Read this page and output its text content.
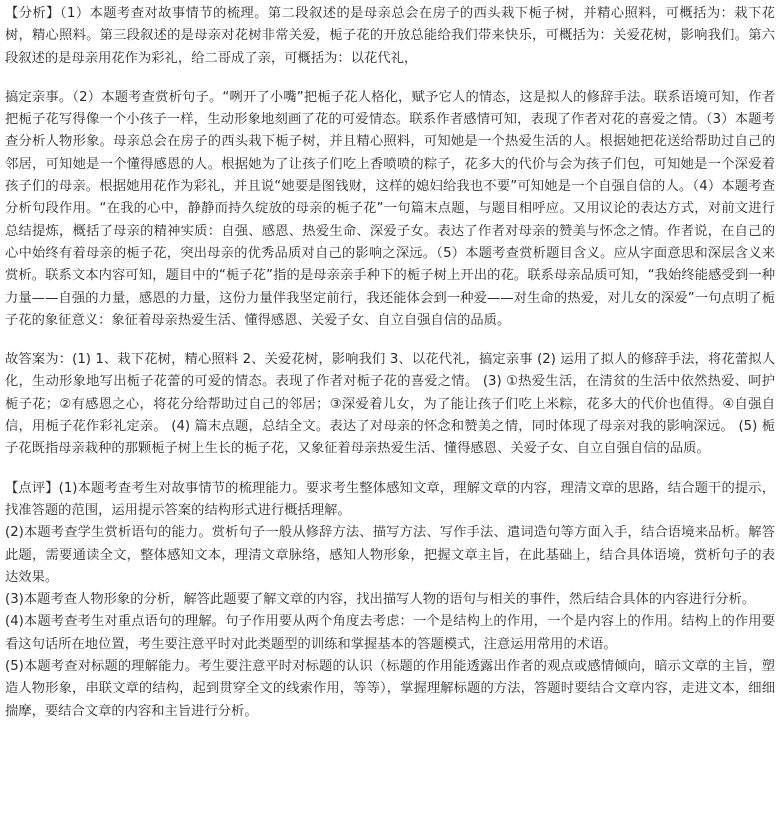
【分析】（1）本题考查对故事情节的梳理。第二段叙述的是母亲总会在房子的西头栽下栀子树，并精心照料，可概括为：栽下花树，精心照料。第三段叙述的是母亲对花树非常关爱，栀子花的开放总能给我们带来快乐，可概括为：关爱花树，影响我们。第六段叙述的是母亲用花作为彩礼，给二哥成了亲，可概括为：以花代礼，

搞定亲事。（2）本题考查赏析句子。“咧开了小嘴”把栀子花人格化，赋予它人的情态，这是拟人的修辞手法。联系语境可知，作者把栀子花写得像一个小孩子一样，生动形象地刻画了花的可爱情态。联系作者感情可知，表现了作者对花的喜爱之情。（3）本题考查分析人物形象。母亲总会在房子的西头栽下栀子树，并且精心照料，可知她是一个热爱生活的人。根据她把花送给帮助过自己的邻居，可知她是一个懂得感恩的人。根据她为了让孩子们吃上香喷喷的粽子，花多大的代价与会为孩子们包，可知她是一个深爱着孩子们的母亲。根据她用花作为彩礼，并且说“她要是图钱财，这样的媳妇给我也不要”可知她是一个自强自信的人。（4）本题考查分析句段作用。“在我的心中，静静而持久绽放的母亲的栀子花”一句篇末点题，与题目相呼应。又用议论的表达方式，对前文进行总结提炼，概括了母亲的精神实质：自强、感恩、热爱生命、深爱子女。表达了作者对母亲的赞美与怀念之情。作者说，在自己的心中始终有着母亲的栀子花，突出母亲的优秀品质对自己的影响之深远。（5）本题考查赏析题目含义。应从字面意思和深层含义来赏析。联系文本内容可知，题目中的“栀子花”指的是母亲亲手种下的栀子树上开出的花。联系母亲品质可知，“我始终能感受到一种力量——自强的力量，感恩的力量，这份力量伴我坚定前行，我还能体会到一种爱——对生命的热爱，对儿女的深爱”一句点明了栀子花的象征意义：象征着母亲热爱生活、懂得感恩、关爱子女、自立自强自信的品质。

故答案为：(1) 1、栽下花树，精心照料 2、关爱花树，影响我们 3、以花代礼，搞定亲事 (2) 运用了拟人的修辞手法，将花蕾拟人化，生动形象地写出栀子花蕾的可爱的情态。表现了作者对栀子花的喜爱之情。 (3) ①热爱生活，在清贫的生活中依然热爱、呵护栀子花；②有感恩之心，将花分给帮助过自己的邻居；③深爱着儿女，为了能让孩子们吃上米粽，花多大的代价也值得。④自强自信，用栀子花作彩礼定亲。 (4) 篇末点题，总结全文。表达了对母亲的怀念和赞美之情，同时体现了母亲对我的影响深远。 (5) 栀子花既指母亲栽种的那颗栀子树上生长的栀子花，又象征着母亲热爱生活、懂得感恩、关爱子女、自立自强自信的品质。

【点评】(1)本题考查考生对故事情节的梳理能力。要求考生整体感知文章，理解文章的内容，理清文章的思路，结合题干的提示，找准答题的范围，运用提示答案的结构形式进行概括理解。

(2)本题考查学生赏析语句的能力。赏析句子一般从修辞方法、描写方法、写作手法、遣词造句等方面入手，结合语境来品析。解答此题，需要通读全文，整体感知文本，理清文章脉络，感知人物形象，把握文章主旨，在此基础上，结合具体语境，赏析句子的表达效果。

(3)本题考查人物形象的分析，解答此题要了解文章的内容，找出描写人物的语句与相关的事件，然后结合具体的内容进行分析。

(4)本题考查考生对重点语句的理解。句子作用要从两个角度去考虑：一个是结构上的作用，一个是内容上的作用。结构上的作用要看这句话所在地位置，考生要注意平时对此类题型的训练和掌握基本的答题模式，注意运用常用的术语。

(5)本题考查对标题的理解能力。考生要注意平时对标题的认识（标题的作用能透露出作者的观点或感情倾向，暗示文章的主旨，塑造人物形象，串联文章的结构，起到贯穿全文的线索作用，等等），掌握理解标题的方法，答题时要结合文章内容，走进文本，细细揣摩，要结合文章的内容和主旨进行分析。
